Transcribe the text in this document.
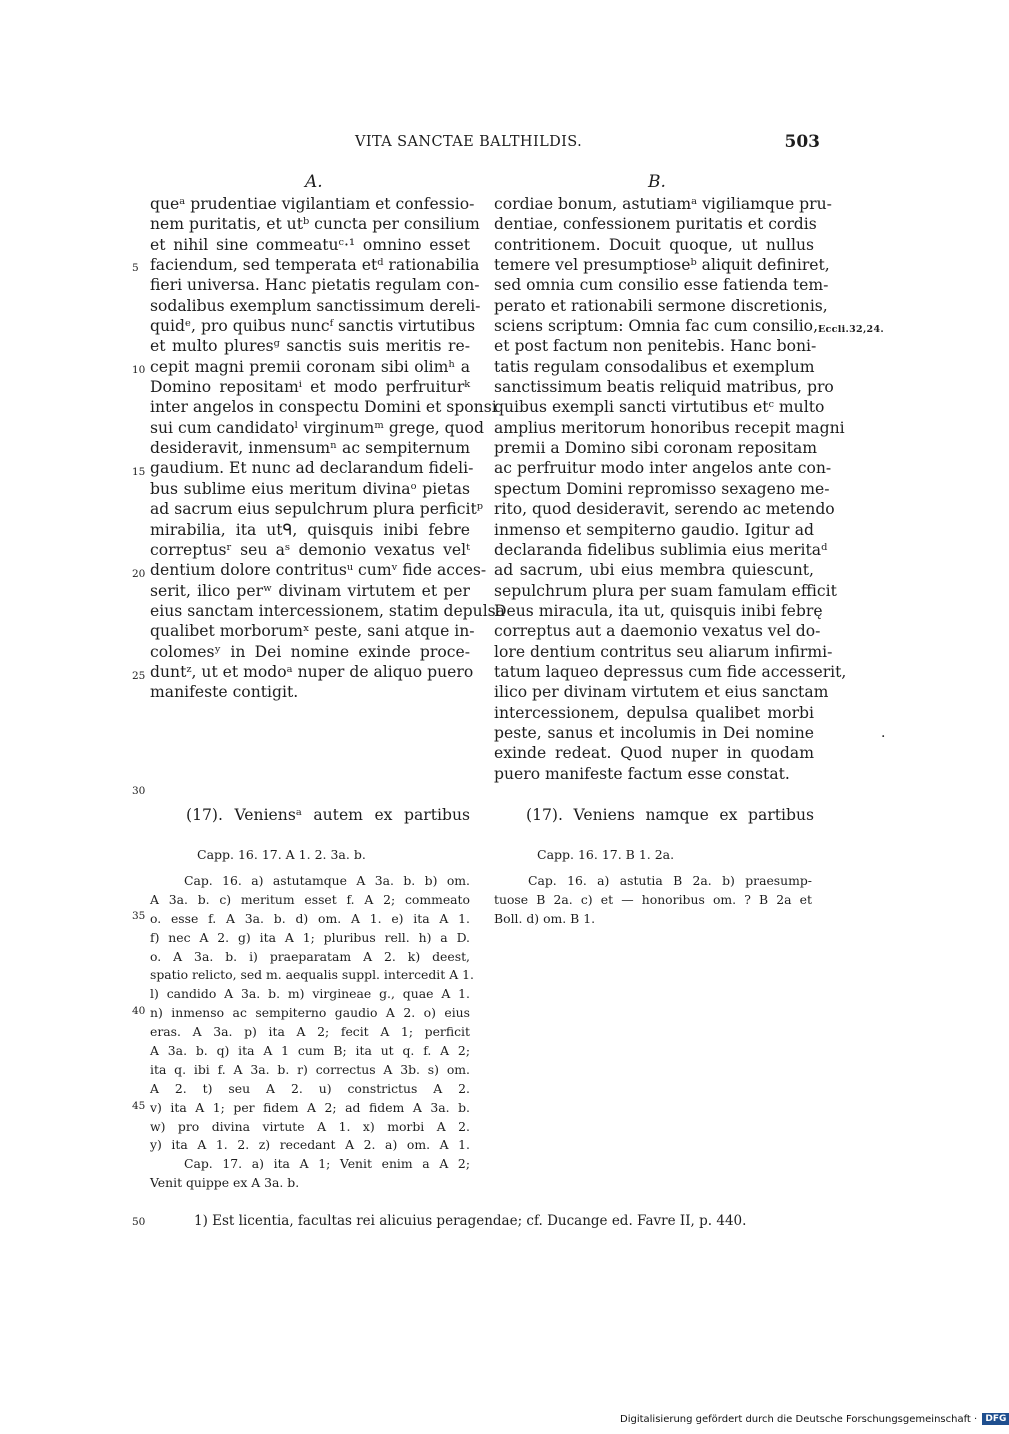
VITA SANCTAE BALTHILDIS.	503
A.	B.
queᵃ prudentiae vigilantiam et confessio-
nem puritatis, et utᵇ cuncta per consilium
et nihil sine commeatuᶜ·¹ omnino esset
faciendum, sed temperata etᵈ rationabilia
fieri universa. Hanc pietatis regulam con-
sodalibus exemplum sanctissimum dereli-
quidᵉ, pro quibus nuncᶠ sanctis virtutibus
et multo pluresᵍ sanctis suis meritis re-
cepit magni premii coronam sibi olimʰ a
Domino repositamⁱ et modo perfruiturᵏ
inter angelos in conspectu Domini et sponsi
sui cum candidatoˡ virginumᵐ grege, quod
desideravit, inmensumⁿ ac sempiternum
gaudium. Et nunc ad declarandum fideli-
bus sublime eius meritum divinaᵒ pietas
ad sacrum eius sepulchrum plura perficitᵖ
mirabilia, ita utᑫ, quisquis inibi febre
correptusʳ seu aˢ demonio vexatus velᵗ
dentium dolore contritusᵘ cumᵛ fide acces-
serit, ilico perʷ divinam virtutem et per
eius sanctam intercessionem, statim depulsa
qualibet morborumˣ peste, sani atque in-
colomesʸ in Dei nomine exinde proce-
duntᶻ, ut et modoᵃ nuper de aliquo puero
manifeste contigit.
cordiae bonum, astutiamᵃ vigiliamque pru-
dentiae, confessionem puritatis et cordis
contritionem. Docuit quoque, ut nullus
temere vel presumptioseᵇ aliquit definiret,
sed omnia cum consilio esse fatienda tem-
perato et rationabili sermone discretionis,
sciens scriptum: Omnia fac cum consilio,
et post factum non penitebis. Hanc boni-
tatis regulam consodalibus et exemplum
sanctissimum beatis reliquid matribus, pro
quibus exempli sancti virtutibus etᶜ multo
amplius meritorum honoribus recepit magni
premii a Domino sibi coronam repositam
ac perfruitur modo inter angelos ante con-
spectum Domini repromisso sexageno me-
rito, quod desideravit, serendo ac metendo
inmenso et sempiterno gaudio. Igitur ad
declaranda fidelibus sublimia eius meritaᵈ
ad sacrum, ubi eius membra quiescunt,
sepulchrum plura per suam famulam efficit
Deus miracula, ita ut, quisquis inibi febrę
correptus aut a daemonio vexatus vel do-
lore dentium contritus seu aliarum infirmi-
tatum laqueo depressus cum fide accesserit,
ilico per divinam virtutem et eius sanctam
intercessionem, depulsa qualibet morbi
peste, sanus et incolumis in Dei nomine
exinde redeat. Quod nuper in quodam
puero manifeste factum esse constat.
5
10
15
20
25
30
Eccli.32,24.
·
(17). Veniensᵃ autem ex partibus	(17). Veniens namque ex partibus
Capp. 16. 17. A 1. 2. 3a. b.	Capp. 16. 17. B 1. 2a.
Cap. 16. a) astutamque A 3a. b. b) om.
A 3a. b. c) meritum esset f. A 2; commeato
o. esse f. A 3a. b. d) om. A 1. e) ita A 1.
f) nec A 2. g) ita A 1; pluribus rell. h) a D.
o. A 3a. b. i) praeparatam A 2. k) deest,
spatio relicto, sed m. aequalis suppl. intercedit A 1.
l) candido A 3a. b. m) virgineae g., quae A 1.
n) inmenso ac sempiterno gaudio A 2. o) eius
eras. A 3a. p) ita A 2; fecit A 1; perficit
A 3a. b. q) ita A 1 cum B; ita ut q. f. A 2;
ita q. ibi f. A 3a. b. r) correctus A 3b. s) om.
A 2. t) seu A 2. u) constrictus A 2.
v) ita A 1; per fidem A 2; ad fidem A 3a. b.
w) pro divina virtute A 1. x) morbi A 2.
y) ita A 1. 2. z) recedant A 2. a) om. A 1.
Cap. 17. a) ita A 1; Venit enim a A 2;
Venit quippe ex A 3a. b.
Cap. 16. a) astutia B 2a. b) praesump-
tuose B 2a. c) et — honoribus om. ? B 2a et
Boll. d) om. B 1.
35
40
45
50	1) Est licentia, facultas rei alicuius peragendae; cf. Ducange ed. Favre II, p. 440.
Digitalisierung gefördert durch die Deutsche Forschungsgemeinschaft · DFG
